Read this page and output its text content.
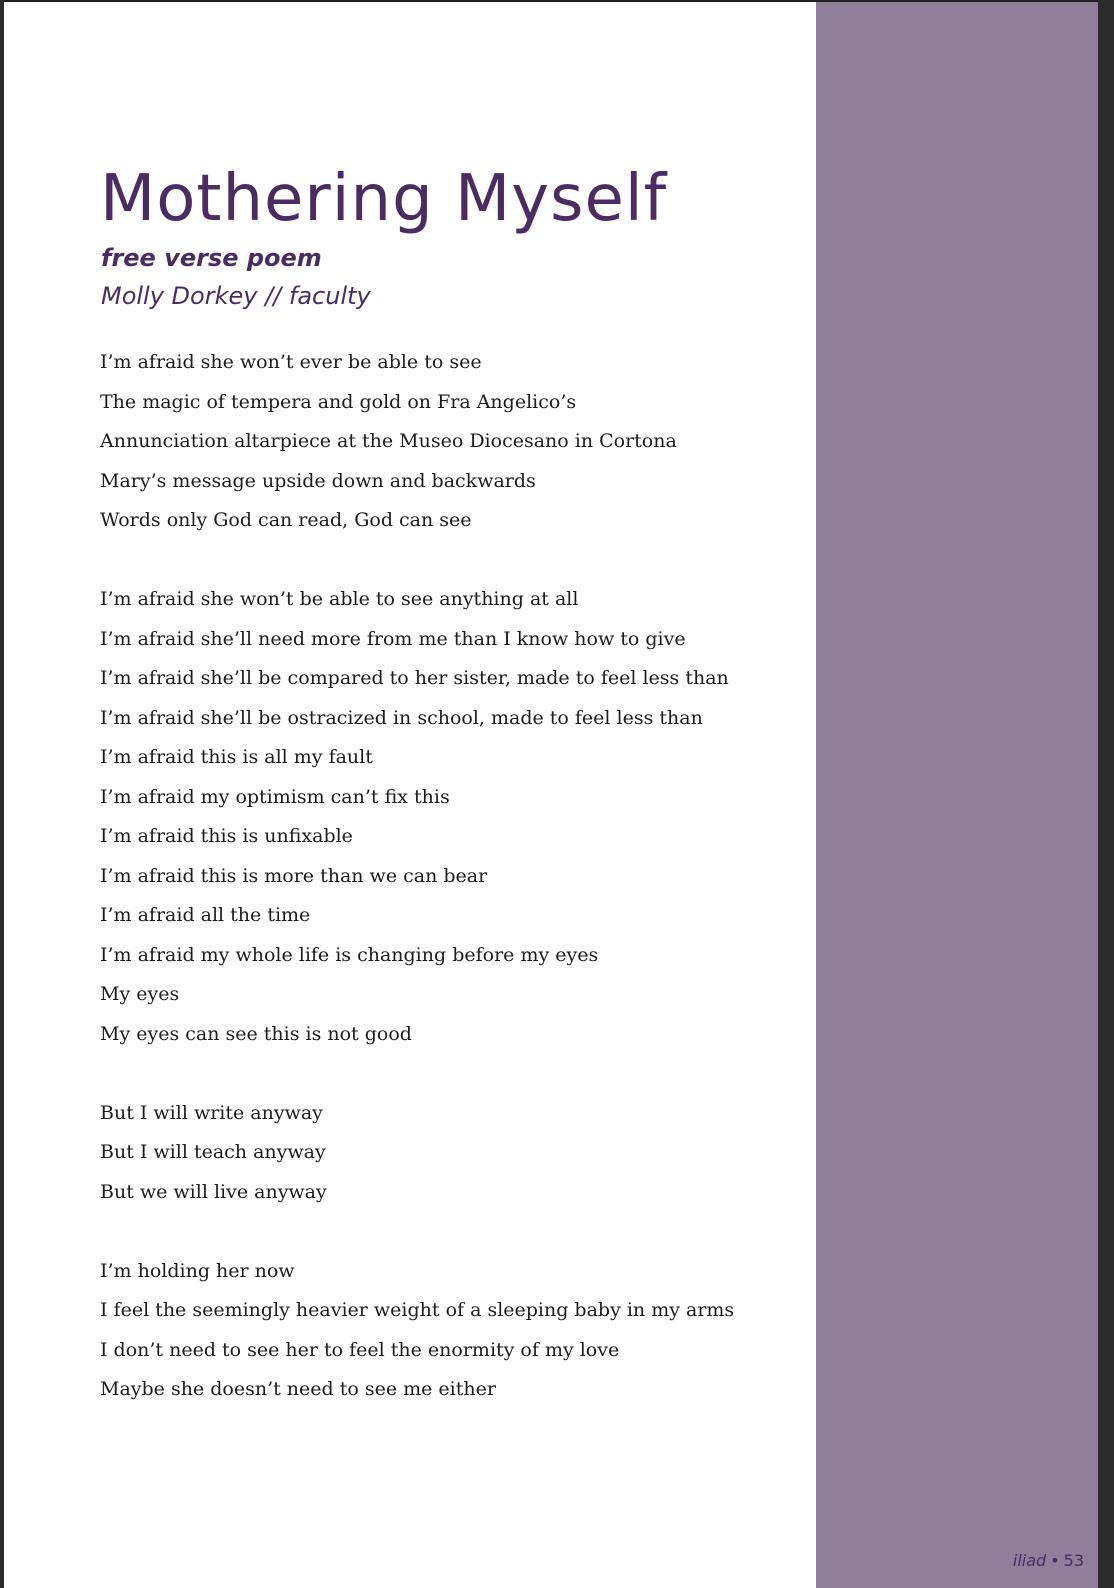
Mothering Myself
free verse poem
Molly Dorkey // faculty
I’m afraid she won’t ever be able to see
The magic of tempera and gold on Fra Angelico’s
Annunciation altarpiece at the Museo Diocesano in Cortona
Mary’s message upside down and backwards
Words only God can read, God can see
I’m afraid she won’t be able to see anything at all
I’m afraid she’ll need more from me than I know how to give
I’m afraid she’ll be compared to her sister, made to feel less than
I’m afraid she’ll be ostracized in school, made to feel less than
I’m afraid this is all my fault
I’m afraid my optimism can’t fix this
I’m afraid this is unfixable
I’m afraid this is more than we can bear
I’m afraid all the time
I’m afraid my whole life is changing before my eyes
My eyes
My eyes can see this is not good
But I will write anyway
But I will teach anyway
But we will live anyway
I’m holding her now
I feel the seemingly heavier weight of a sleeping baby in my arms
I don’t need to see her to feel the enormity of my love
Maybe she doesn’t need to see me either
iliad • 53
